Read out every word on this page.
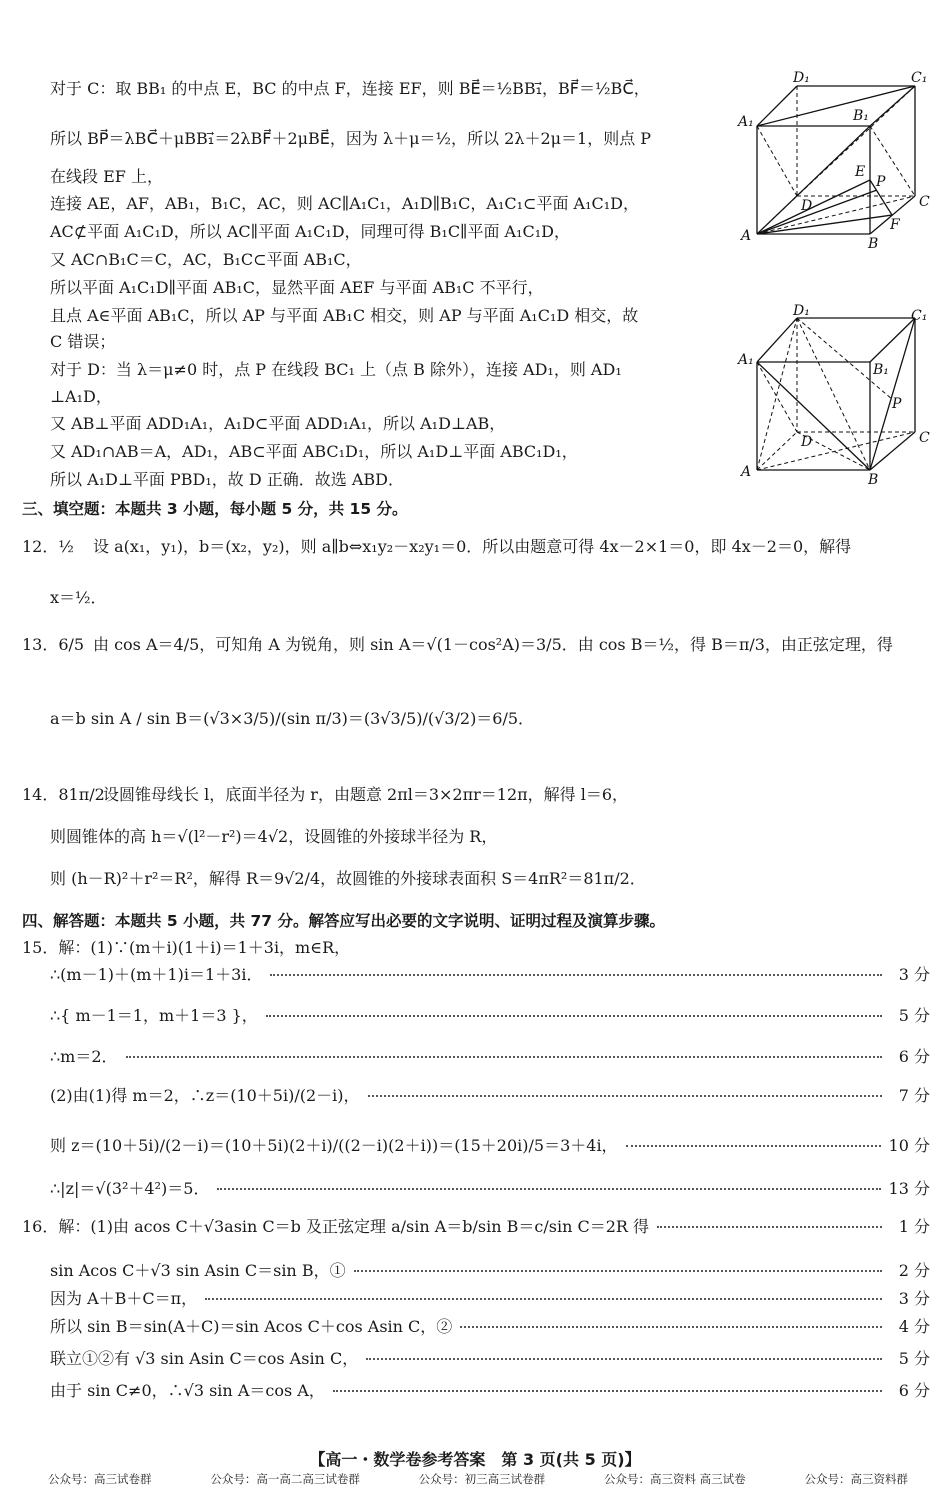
对于 C：取 BB₁ 的中点 E，BC 的中点 F，连接 EF，则 BE⃗＝½BB₁⃗，BF⃗＝½BC⃗，
所以 BP⃗＝λBC⃗＋μBB₁⃗＝2λBF⃗＋2μBE⃗，因为 λ＋μ＝½，所以 2λ＋2μ＝1，则点 P
在线段 EF 上，
连接 AE，AF，AB₁，B₁C，AC，则 AC∥A₁C₁，A₁D∥B₁C，A₁C₁⊂平面 A₁C₁D，
AC⊄平面 A₁C₁D，所以 AC∥平面 A₁C₁D，同理可得 B₁C∥平面 A₁C₁D，
又 AC∩B₁C＝C，AC，B₁C⊂平面 AB₁C，
所以平面 A₁C₁D∥平面 AB₁C，显然平面 AEF 与平面 AB₁C 不平行，
且点 A∈平面 AB₁C，所以 AP 与平面 AB₁C 相交，则 AP 与平面 A₁C₁D 相交，故
C 错误；
对于 D：当 λ＝μ≠0 时，点 P 在线段 BC₁ 上（点 B 除外），连接 AD₁，则 AD₁
⊥A₁D，
又 AB⊥平面 ADD₁A₁，A₁D⊂平面 ADD₁A₁，所以 A₁D⊥AB，
又 AD₁∩AB＝A，AD₁，AB⊂平面 ABC₁D₁，所以 A₁D⊥平面 ABC₁D₁，
所以 A₁D⊥平面 PBD₁，故 D 正确．故选 ABD．
D₁	C₁
A₁	B₁
E
P
D	C
F
A	B
D₁	C₁
A₁
B₁
P
D	C
A	B
三、填空题：本题共 3 小题，每小题 5 分，共 15 分。
12．½ 设 a(x₁，y₁)，b＝(x₂，y₂)，则 a∥b⇔x₁y₂－x₂y₁＝0．所以由题意可得 4x－2×1＝0，即 4x－2＝0，解得
x＝½．
13．6/5 由 cos A＝4/5，可知角 A 为锐角，则 sin A＝√(1－cos²A)＝3/5．由 cos B＝½，得 B＝π/3，由正弦定理，得
a＝b sin A / sin B＝(√3×3/5)/(sin π/3)＝(3√3/5)/(√3/2)＝6/5．
14．81π/2
设圆锥母线长 l，底面半径为 r，由题意 2πl＝3×2πr＝12π，解得 l＝6，
则圆锥体的高 h＝√(l²－r²)＝4√2，设圆锥的外接球半径为 R，
则 (h－R)²＋r²＝R²，解得 R＝9√2/4，故圆锥的外接球表面积 S＝4πR²＝81π/2．
四、解答题：本题共 5 小题，共 77 分。解答应写出必要的文字说明、证明过程及演算步骤。
15．解：(1)∵(m＋i)(1＋i)＝1＋3i，m∈R，
∴(m－1)＋(m＋1)i＝1＋3i．	3 分
∴{ m－1＝1，m＋1＝3 }，	5 分
∴m＝2．	6 分
(2)由(1)得 m＝2，∴z＝(10＋5i)/(2－i)，	7 分
则 z＝(10＋5i)/(2－i)＝(10＋5i)(2＋i)/((2－i)(2＋i))＝(15＋20i)/5＝3＋4i，	10 分
∴|z|＝√(3²＋4²)＝5．	13 分
16．解：(1)由 acos C＋√3asin C＝b 及正弦定理 a/sin A＝b/sin B＝c/sin C＝2R 得	1 分
sin Acos C＋√3 sin Asin C＝sin B，①	2 分
因为 A＋B＋C＝π，	3 分
所以 sin B＝sin(A＋C)＝sin Acos C＋cos Asin C，②	4 分
联立①②有 √3 sin Asin C＝cos Asin C，	5 分
由于 sin C≠0，∴√3 sin A＝cos A，	6 分
【高一・数学卷参考答案　第 3 页(共 5 页)】
公众号：高三试卷群	公众号：高一高二高三试卷群	公众号：初三高三试卷群	公众号：高三资料 高三试卷	公众号：高三资料群
